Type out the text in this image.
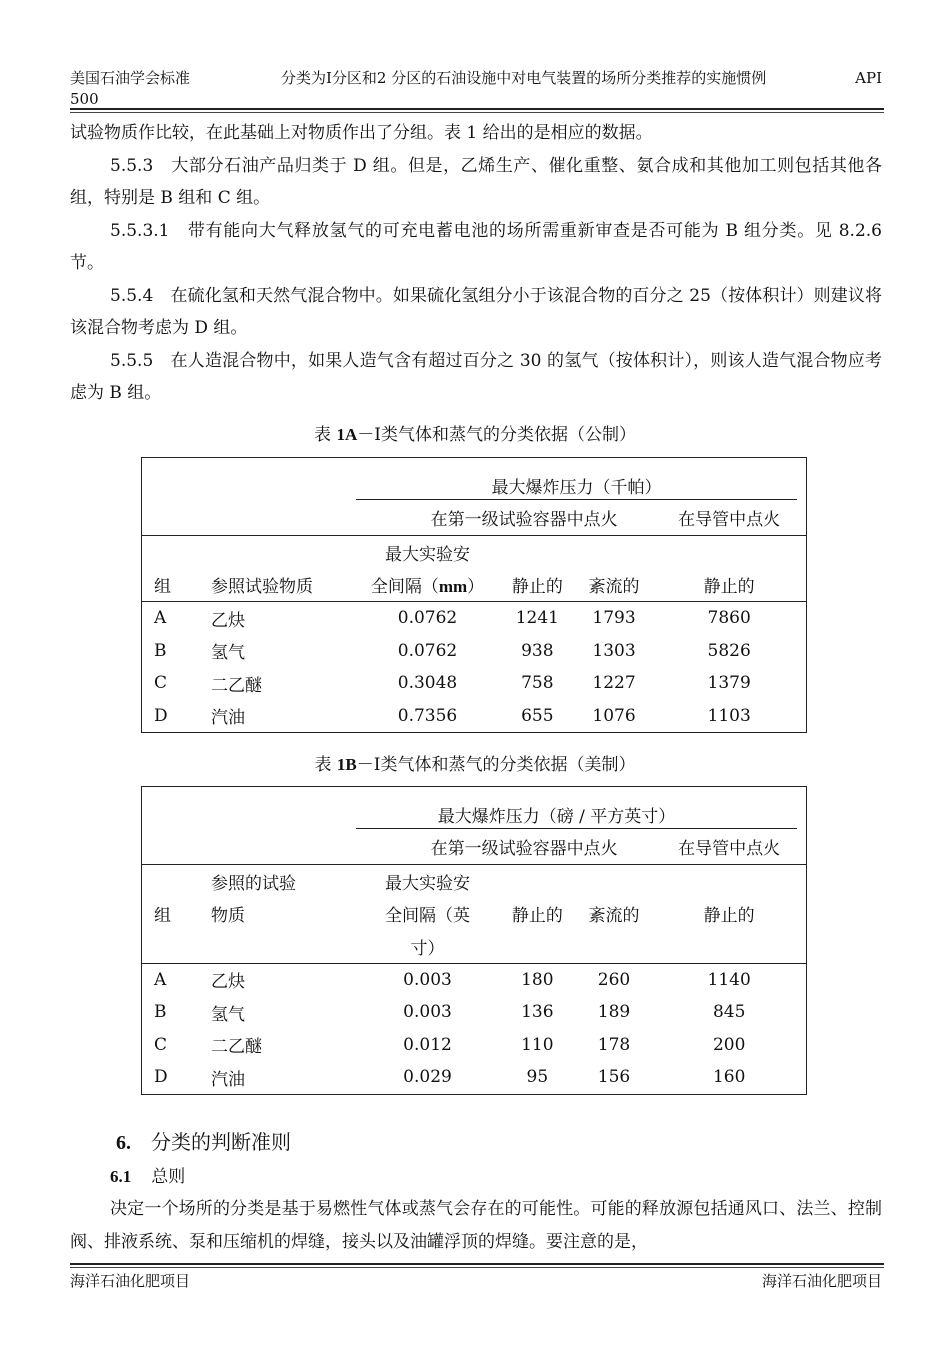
美国石油学会标准
500
分类为Ⅰ分区和2 分区的石油设施中对电气装置的场所分类推荐的实施惯例	API

试验物质作比较，在此基础上对物质作出了分组。表 1 给出的是相应的数据。

5.5.3　大部分石油产品归类于 D 组。但是，乙烯生产、催化重整、氨合成和其他加工则包括其他各组，特别是 B 组和 C 组。

5.5.3.1　带有能向大气释放氢气的可充电蓄电池的场所需重新审查是否可能为 B 组分类。见 8.2.6 节。

5.5.4　在硫化氢和天然气混合物中。如果硫化氢组分小于该混合物的百分之 25（按体积计）则建议将该混合物考虑为 D 组。

5.5.5　在人造混合物中，如果人造气含有超过百分之 30 的氢气（按体积计），则该人造气混合物应考虑为 B 组。

表 1A－Ⅰ类气体和蒸气的分类依据（公制）

		最大爆炸压力（千帕）			

		在第一级试验容器中点火			在导管中点火
		最大实验安			
组	参照试验物质	全间隔（mm）	静止的	紊流的	静止的
A	乙炔	0.0762	1241	1793	7860
B	氢气	0.0762	938	1303	5826
C	二乙醚	0.3048	758	1227	1379
D	汽油	0.7356	655	1076	1103
表 1B－Ⅰ类气体和蒸气的分类依据（美制）

		最大爆炸压力（磅 / 平方英寸）			

		在第一级试验容器中点火			在导管中点火
	参照的试验	最大实验安			
组	物质	全间隔（英	静止的	紊流的	静止的
		寸）			
A	乙炔	0.003	180	260	1140
B	氢气	0.003	136	189	845
C	二乙醚	0.012	110	178	200
D	汽油	0.029	95	156	160
6. 分类的判断准则
6.1 总则

决定一个场所的分类是基于易燃性气体或蒸气会存在的可能性。可能的释放源包括通风口、法兰、控制阀、排液系统、泵和压缩机的焊缝，接头以及油罐浮顶的焊缝。要注意的是，

海洋石油化肥项目	海洋石油化肥项目
